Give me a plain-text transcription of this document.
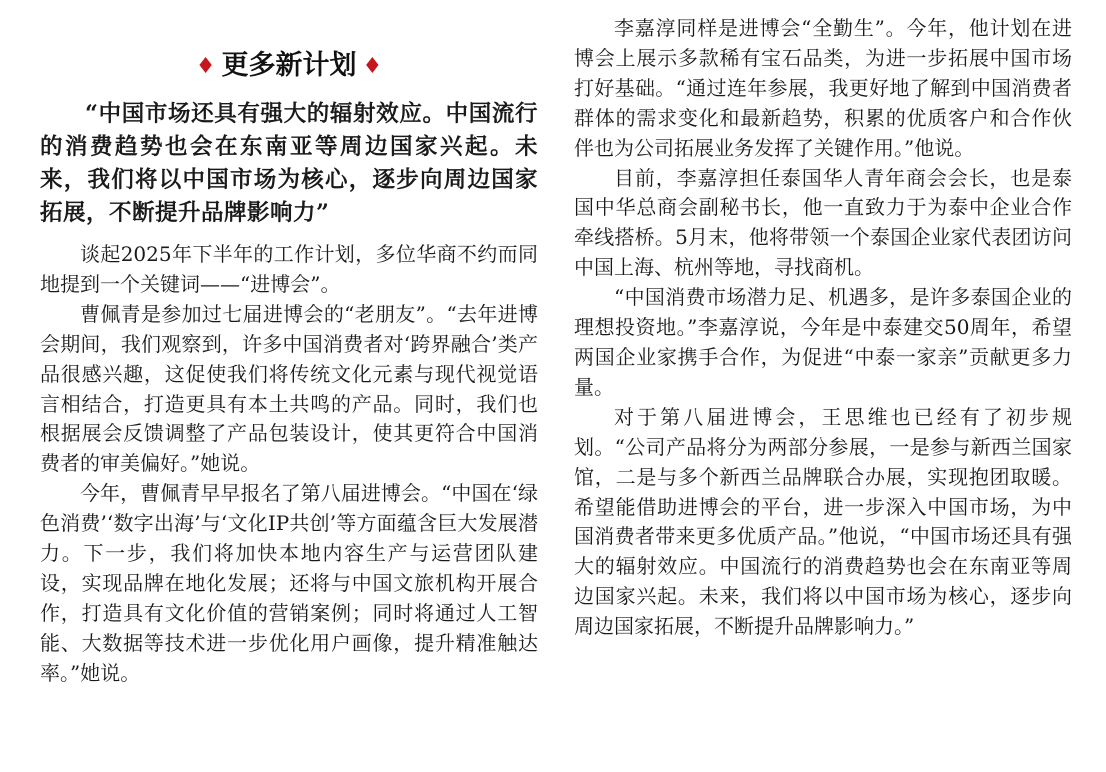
♦ 更多新计划 ♦

“中国市场还具有强大的辐射效应。中国流行的消费趋势也会在东南亚等周边国家兴起。未来，我们将以中国市场为核心，逐步向周边国家拓展，不断提升品牌影响力”

谈起2025年下半年的工作计划，多位华商不约而同地提到一个关键词——“进博会”。

曹佩青是参加过七届进博会的“老朋友”。“去年进博会期间，我们观察到，许多中国消费者对‘跨界融合’类产品很感兴趣，这促使我们将传统文化元素与现代视觉语言相结合，打造更具有本土共鸣的产品。同时，我们也根据展会反馈调整了产品包装设计，使其更符合中国消费者的审美偏好。”她说。

今年，曹佩青早早报名了第八届进博会。“中国在‘绿色消费’‘数字出海’与‘文化IP共创’等方面蕴含巨大发展潜力。下一步，我们将加快本地内容生产与运营团队建设，实现品牌在地化发展；还将与中国文旅机构开展合作，打造具有文化价值的营销案例；同时将通过人工智能、大数据等技术进一步优化用户画像，提升精准触达率。”她说。

李嘉淳同样是进博会“全勤生”。今年，他计划在进博会上展示多款稀有宝石品类，为进一步拓展中国市场打好基础。“通过连年参展，我更好地了解到中国消费者群体的需求变化和最新趋势，积累的优质客户和合作伙伴也为公司拓展业务发挥了关键作用。”他说。

目前，李嘉淳担任泰国华人青年商会会长，也是泰国中华总商会副秘书长，他一直致力于为泰中企业合作牵线搭桥。5月末，他将带领一个泰国企业家代表团访问中国上海、杭州等地，寻找商机。

“中国消费市场潜力足、机遇多，是许多泰国企业的理想投资地。”李嘉淳说，今年是中泰建交50周年，希望两国企业家携手合作，为促进“中泰一家亲”贡献更多力量。

对于第八届进博会，王思维也已经有了初步规划。“公司产品将分为两部分参展，一是参与新西兰国家馆，二是与多个新西兰品牌联合办展，实现抱团取暖。希望能借助进博会的平台，进一步深入中国市场，为中国消费者带来更多优质产品。”他说，“中国市场还具有强大的辐射效应。中国流行的消费趋势也会在东南亚等周边国家兴起。未来，我们将以中国市场为核心，逐步向周边国家拓展，不断提升品牌影响力。”
